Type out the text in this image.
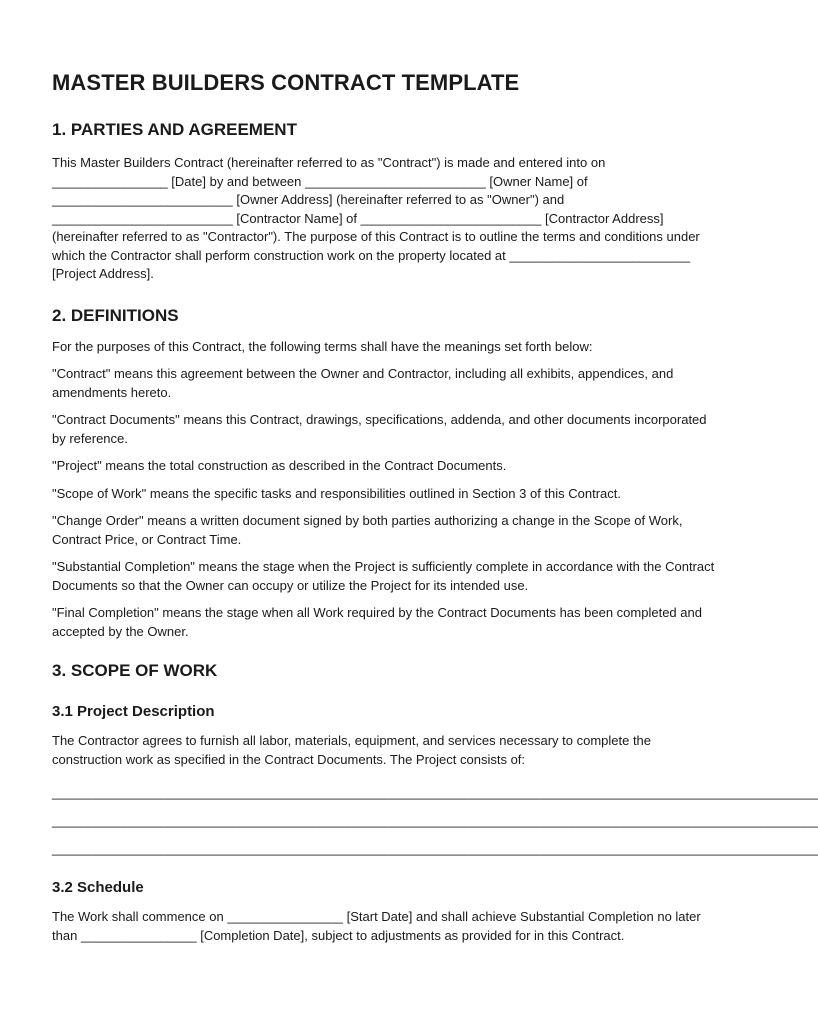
MASTER BUILDERS CONTRACT TEMPLATE
1. PARTIES AND AGREEMENT

This Master Builders Contract (hereinafter referred to as "Contract") is made and entered into on ________________ [Date] by and between _________________________ [Owner Name] of _________________________ [Owner Address] (hereinafter referred to as "Owner") and _________________________ [Contractor Name] of _________________________ [Contractor Address] (hereinafter referred to as "Contractor"). The purpose of this Contract is to outline the terms and conditions under which the Contractor shall perform construction work on the property located at _________________________ [Project Address].

2. DEFINITIONS

For the purposes of this Contract, the following terms shall have the meanings set forth below:

"Contract" means this agreement between the Owner and Contractor, including all exhibits, appendices, and amendments hereto.

"Contract Documents" means this Contract, drawings, specifications, addenda, and other documents incorporated by reference.

"Project" means the total construction as described in the Contract Documents.

"Scope of Work" means the specific tasks and responsibilities outlined in Section 3 of this Contract.

"Change Order" means a written document signed by both parties authorizing a change in the Scope of Work, Contract Price, or Contract Time.

"Substantial Completion" means the stage when the Project is sufficiently complete in accordance with the Contract Documents so that the Owner can occupy or utilize the Project for its intended use.

"Final Completion" means the stage when all Work required by the Contract Documents has been completed and accepted by the Owner.

3. SCOPE OF WORK
3.1 Project Description

The Contractor agrees to furnish all labor, materials, equipment, and services necessary to complete the construction work as specified in the Contract Documents. The Project consists of:

__________________________________________________________________________________________________________
__________________________________________________________________________________________________________
__________________________________________________________________________________________________________
3.2 Schedule

The Work shall commence on ________________ [Start Date] and shall achieve Substantial Completion no later than ________________ [Completion Date], subject to adjustments as provided for in this Contract.
